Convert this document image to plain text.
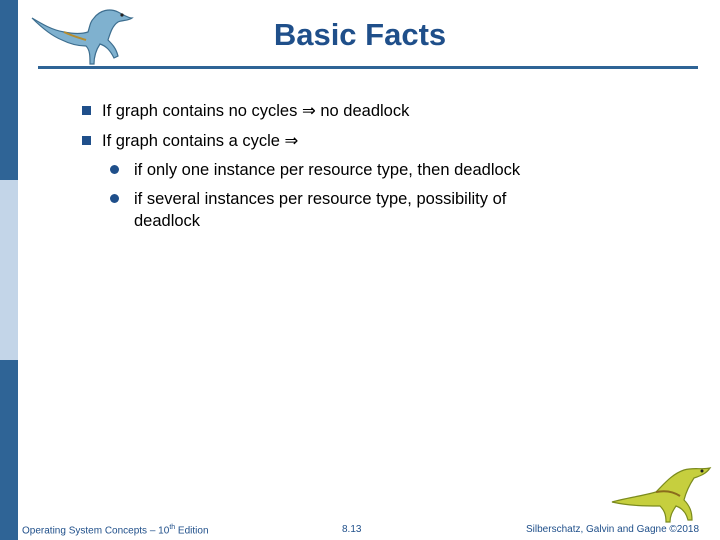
Basic Facts
If graph contains no cycles ⇒ no deadlock
If graph contains a cycle ⇒
if only one instance per resource type, then deadlock
if several instances per resource type, possibility of deadlock
Operating System Concepts – 10th Edition	8.13	Silberschatz, Galvin and Gagne ©2018
